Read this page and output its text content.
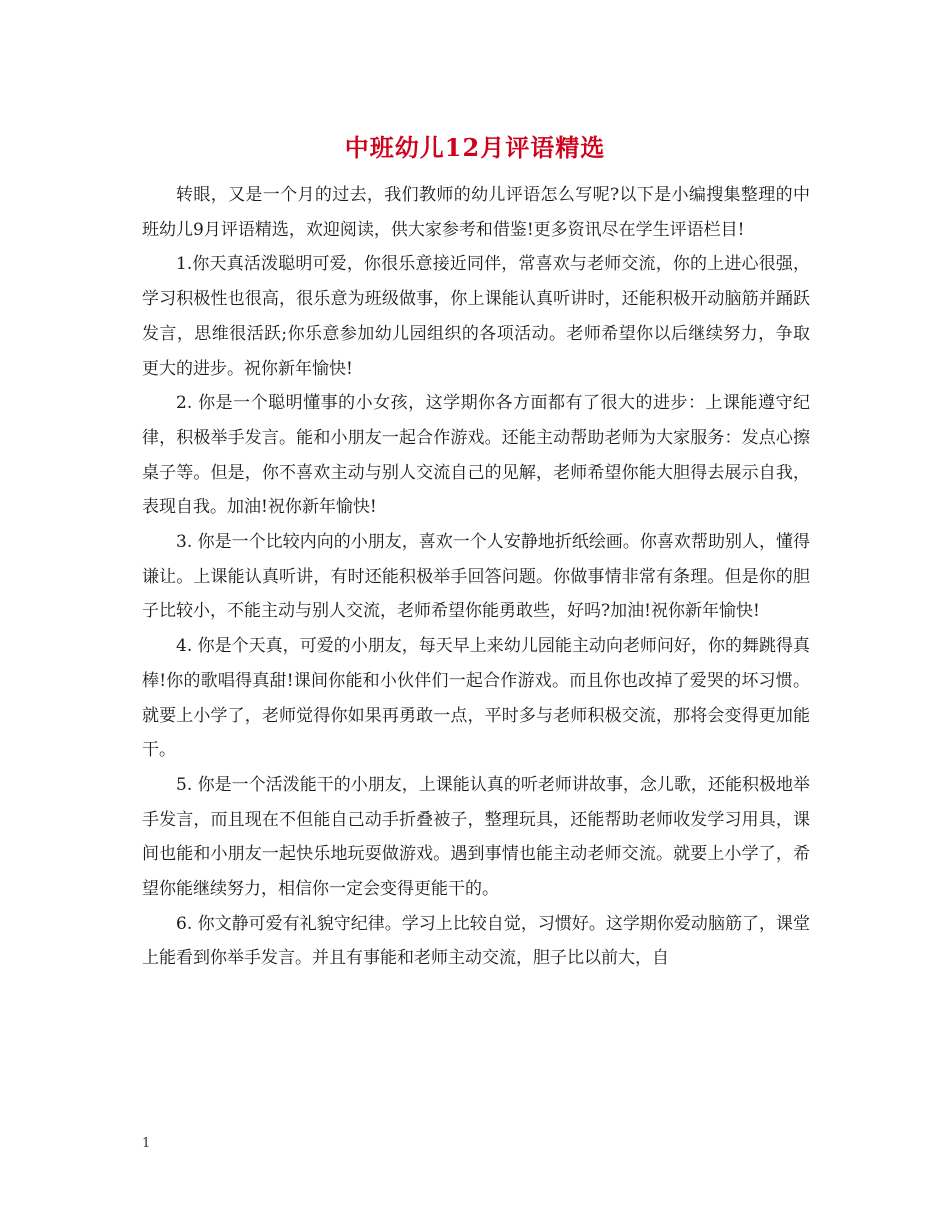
中班幼儿12月评语精选

转眼，又是一个月的过去，我们教师的幼儿评语怎么写呢?以下是小编搜集整理的中班幼儿9月评语精选，欢迎阅读，供大家参考和借鉴!更多资讯尽在学生评语栏目!

1.你天真活泼聪明可爱，你很乐意接近同伴，常喜欢与老师交流，你的上进心很强，学习积极性也很高，很乐意为班级做事，你上课能认真听讲时，还能积极开动脑筋并踊跃发言，思维很活跃;你乐意参加幼儿园组织的各项活动。老师希望你以后继续努力，争取更大的进步。祝你新年愉快!

2. 你是一个聪明懂事的小女孩，这学期你各方面都有了很大的进步：上课能遵守纪律，积极举手发言。能和小朋友一起合作游戏。还能主动帮助老师为大家服务：发点心擦桌子等。但是，你不喜欢主动与别人交流自己的见解，老师希望你能大胆得去展示自我，表现自我。加油!祝你新年愉快!

3. 你是一个比较内向的小朋友，喜欢一个人安静地折纸绘画。你喜欢帮助别人，懂得谦让。上课能认真听讲，有时还能积极举手回答问题。你做事情非常有条理。但是你的胆子比较小，不能主动与别人交流，老师希望你能勇敢些，好吗?加油!祝你新年愉快!

4. 你是个天真，可爱的小朋友，每天早上来幼儿园能主动向老师问好，你的舞跳得真棒!你的歌唱得真甜!课间你能和小伙伴们一起合作游戏。而且你也改掉了爱哭的坏习惯。就要上小学了，老师觉得你如果再勇敢一点，平时多与老师积极交流，那将会变得更加能干。

5. 你是一个活泼能干的小朋友，上课能认真的听老师讲故事，念儿歌，还能积极地举手发言，而且现在不但能自己动手折叠被子，整理玩具，还能帮助老师收发学习用具，课间也能和小朋友一起快乐地玩耍做游戏。遇到事情也能主动老师交流。就要上小学了，希望你能继续努力，相信你一定会变得更能干的。

6. 你文静可爱有礼貌守纪律。学习上比较自觉，习惯好。这学期你爱动脑筋了，课堂上能看到你举手发言。并且有事能和老师主动交流，胆子比以前大，自

1
